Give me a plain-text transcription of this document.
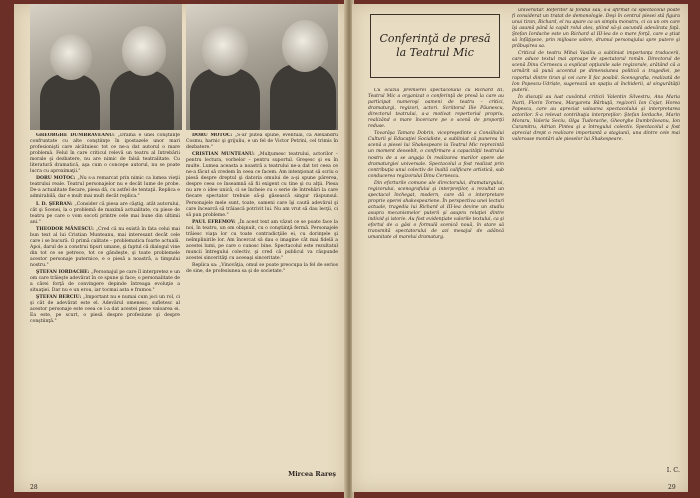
GHEORGHE DUMBRĂVEANU: „Drama e unei conştiinţe confruntate cu alte conştiinţe în ipostazele unor mari profesionişti care alcătuiesc tot ce ne-a dat autorul o mare problemă. Felul în care criticul relevă un teatru al întrebării morale şi dezbatere, nu are nimic de falsă teatralitate. Cu literatură dramatică, aşa cum o concepe autorul, nu se poate lucra cu aproximaţii."

DORU MOTOC: „Nu s-a remarcat prin nimic ca lumea vieţii teatrului reale. Teatrul personajelor nu e decât lume de probe. De-a actualitate fiecare, piesa dă, cu astfel de tentaţii. Replica e admirabilă, dar e mult mai mult decât replica."

I. D. ŞERBAN: „Consider că piesa are câştig, atât autorului, cât şi Scenei, la o problemă de maximă actualitate, cu piese de teatru pe care o vom socoti printre cele mai bune din ultimii ani."

THEODOR MĂNESCU: „Cred că nu există în fata celui mai bun text al lui Cristian Munteanu, mai interesant decât cele care i se bucură. O primă calitate – problematica foarte actuală. Apoi, darul de a construi tipuri umane, şi faptul că dialogul vine din tot ce se petrece, tot ce gândeşte, şi toate problemele acestor personaje puternice, e o piesă a noastră, a timpului nostru."

ŞTEFAN IORDACHE: „Personajul pe care îl interpretez e un om care trăieşte adevărat în ce spune şi face; o personalitate de a cărei forţă de convingere depinde întreaga evoluţie a situaţiei. Dar nu e un erou, iar tocmai asta e frumos."

ŞTEFAN BERCIU: „Important nu e numai cum joci un rol, ci şi cât de adevărat este el. Adevărul omenesc, sufletesc al acestor personaje este ceea ce i-a dat acestei piese valoarea ei. Ea este, pe scurt, o piesă despre profesiune şi despre conştiinţă."

DORU MOTOC: „S-ar putea spune, eventual, că Alexandru Cosmu, harnic şi grijuliu, e un fel de Victor Petrini, cel trimis în dezbatere."

CRISTIAN MUNTEANU: „Mulţumesc teatrului, actorilor – pentru lectura, vorbelor – pentru suportul. Greşesc şi eu în multe. Lumea aceasta a noastră a teatrului ne-a dat tot ceea ce ne-a făcut să credem în ceea ce facem. Am intenţionat să scriu o piesă despre dreptul şi datoria omului de a-şi spune părerea, despre ceea ce înseamnă să fii exigent cu tine şi cu alţii. Piesa nu are o idee unică, ci se încheie cu o serie de întrebări la care fiecare spectator trebuie să-şi găsească singur răspunsul. Personajele mele sunt, toate, oameni care îşi caută adevărul şi care încearcă să trăiască potrivit lui. Nu am vrut să dau lecţii, ci să pun probleme."

PAUL EFREMOV: „În acest text am văzut ce se poate face la noi, în teatru, un om obişnuit, cu o conştiinţă fermă. Personajele trăiesc viaţa lor cu toate contradicţiile ei, cu dorinţele şi neîmplinirile lor. Am încercat să dau o imagine cât mai fidelă a acestei lumi, pe care o cunosc bine. Spectacolul este rezultatul muncii întregului colectiv, şi cred că publicul va răspunde acestei sincerităţi cu aceeaşi sinceritate."

Replica sa: „Vinovăţia, omul se poate preocupa la fel de serios de sine, de profesiunea sa şi de societate."

Mircea Rareș
28
Conferinţă de presă
la Teatrul Mic

Cu ocazia premierei spectacolului cu Richard III, Teatrul Mic a organizat o conferinţă de presă la care au participat numeroşi oameni de teatru – critici, dramaturgi, regizori, actori. Scriitorul Ilie Păunescu, directorul teatrului, a-a motivat repertoriul propriu, realizând o mare încercare pe o scenă de proporţii reduse.

Tovarăşa Tamara Dobrin, vicepreşedinte a Consiliului Culturii şi Educaţiei Socialiste, a subliniat că punerea în scenă a piesei lui Shakespeare la Teatrul Mic reprezintă un moment deosebit, o confirmare a capacităţii teatrului nostru de a se angaja în realizarea marilor opere ale dramaturgiei universale. Spectacolul a fost realizat prin contribuţia unui colectiv de înaltă calificare artistică, sub conducerea regizorului Dinu Cernescu.

Din eforturile comune ale directorului, dramaturgului, regizorului, scenografului şi interpreţilor, a rezultat un spectacol închegat, modern, care dă o interpretare proprie operei shakespeariene. În perspectiva unei lecturi actuale, tragedia lui Richard al III-lea devine un studiu asupra mecanismelor puterii şi asupra relaţiei dintre individ şi istorie. Au fost evidenţiate valorile textului, ca şi efortul de a găsi o formulă scenică nouă, în stare să transmită spectatorului de azi mesajul de adâncă umanitate al marelui dramaturg.

universitar. Referitor la fondul său, s-a afirmat că spectacolul poate fi considerat un tratat de demonologie. Deşi în centrul piesei stă figura unui tiran, Richard, el nu apare ca un simplu monstru, ci ca un om care îşi asumă până la capăt rolul ales, ştiind să-şi ascundă adevărata faţă. Ştefan Iordache este un Richard al III-lea de o mare forţă, care a ştiut să înfăţişeze, prin mijloace sobre, drumul personajului spre putere şi prăbuşirea sa.

Criticul de teatru Mihai Vasiliu a subliniat importanţa traducerii, care aduce textul mai aproape de spectatorul român. Directorul de scenă Dinu Cernescu a explicat opţiunile sale regizorale, arătând că a urmărit să pună accentul pe dimensiunea politică a tragediei, pe raportul dintre tiran şi cei care îl fac posibil. Scenografia, realizată de Ion Popescu-Udriște, sugerează un spaţiu al închiderii, al singurătăţii puterii.

În discuţii au luat cuvântul criticii Valentin Silvestru, Ana Maria Narti, Florin Tornea, Margareta Bărbuţă, regizorii Ion Cojar, Horea Popescu, care au apreciat valoarea spectacolului şi interpretarea actorilor. S-a relevat contribuţia interpreţilor: Ştefan Iordache, Marin Moraru, Valeria Seciu, Olga Tudorache, Gheorghe Dumbrăveanu, Ion Caramitru, Adrian Pintea şi a întregului colectiv. Spectacolul a fost apreciat drept o realizare importantă a stagiunii, una dintre cele mai valoroase montări ale pieselor lui Shakespeare.

I. C.
29
